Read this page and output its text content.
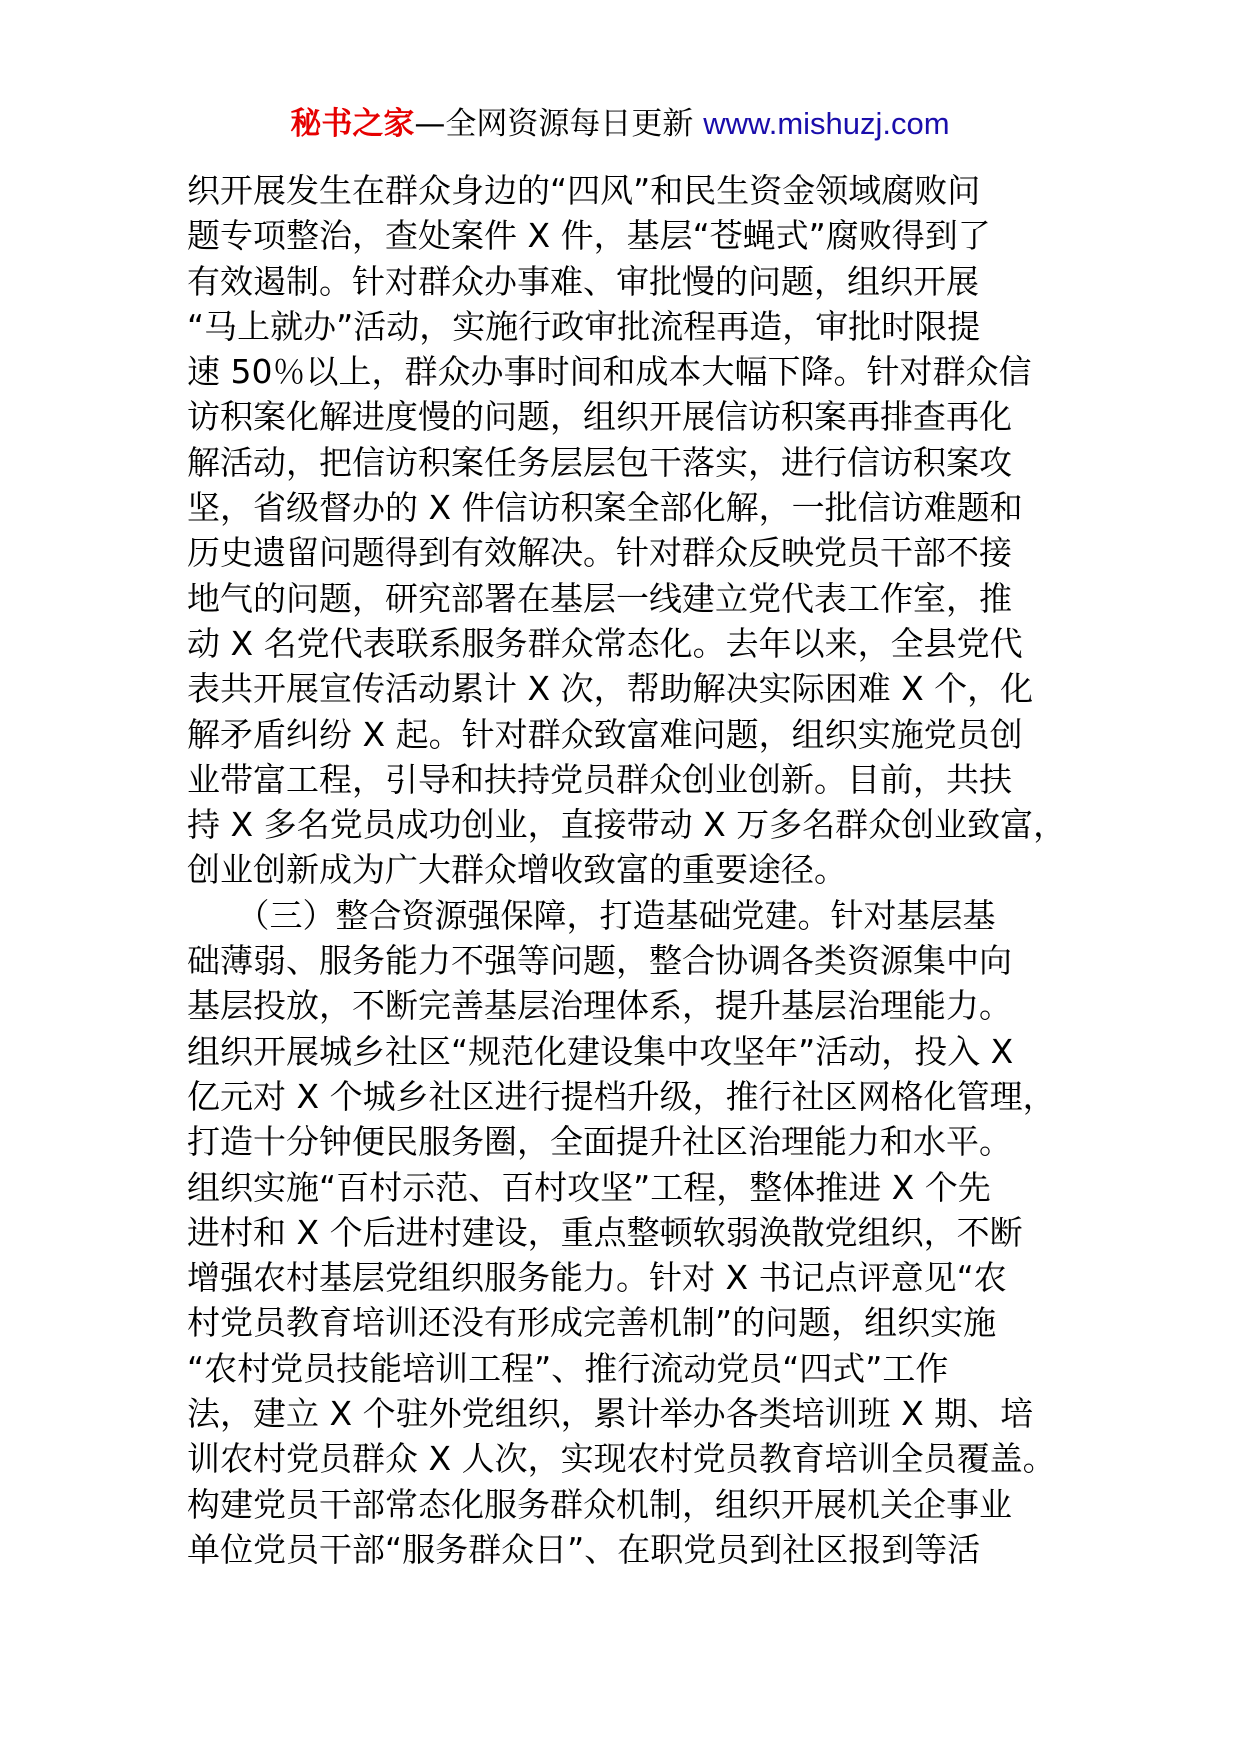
秘书之家—全网资源每日更新 www.mishuzj.com
织开展发生在群众身边的“四风”和民生资金领域腐败问
题专项整治，查处案件 X 件，基层“苍蝇式”腐败得到了
有效遏制。针对群众办事难、审批慢的问题，组织开展
“马上就办”活动，实施行政审批流程再造，审批时限提
速 50％以上，群众办事时间和成本大幅下降。针对群众信
访积案化解进度慢的问题，组织开展信访积案再排查再化
解活动，把信访积案任务层层包干落实，进行信访积案攻
坚，省级督办的 X 件信访积案全部化解，一批信访难题和
历史遗留问题得到有效解决。针对群众反映党员干部不接
地气的问题，研究部署在基层一线建立党代表工作室，推
动 X 名党代表联系服务群众常态化。去年以来，全县党代
表共开展宣传活动累计 X 次，帮助解决实际困难 X 个，化
解矛盾纠纷 X 起。针对群众致富难问题，组织实施党员创
业带富工程，引导和扶持党员群众创业创新。目前，共扶
持 X 多名党员成功创业，直接带动 X 万多名群众创业致富，
创业创新成为广大群众增收致富的重要途径。
　　（三）整合资源强保障，打造基础党建。针对基层基
础薄弱、服务能力不强等问题，整合协调各类资源集中向
基层投放，不断完善基层治理体系，提升基层治理能力。
组织开展城乡社区“规范化建设集中攻坚年”活动，投入 X
亿元对 X 个城乡社区进行提档升级，推行社区网格化管理，
打造十分钟便民服务圈，全面提升社区治理能力和水平。
组织实施“百村示范、百村攻坚”工程，整体推进 X 个先
进村和 X 个后进村建设，重点整顿软弱涣散党组织，不断
增强农村基层党组织服务能力。针对 X 书记点评意见“农
村党员教育培训还没有形成完善机制”的问题，组织实施
“农村党员技能培训工程”、推行流动党员“四式”工作
法，建立 X 个驻外党组织，累计举办各类培训班 X 期、培
训农村党员群众 X 人次，实现农村党员教育培训全员覆盖。
构建党员干部常态化服务群众机制，组织开展机关企事业
单位党员干部“服务群众日”、在职党员到社区报到等活
